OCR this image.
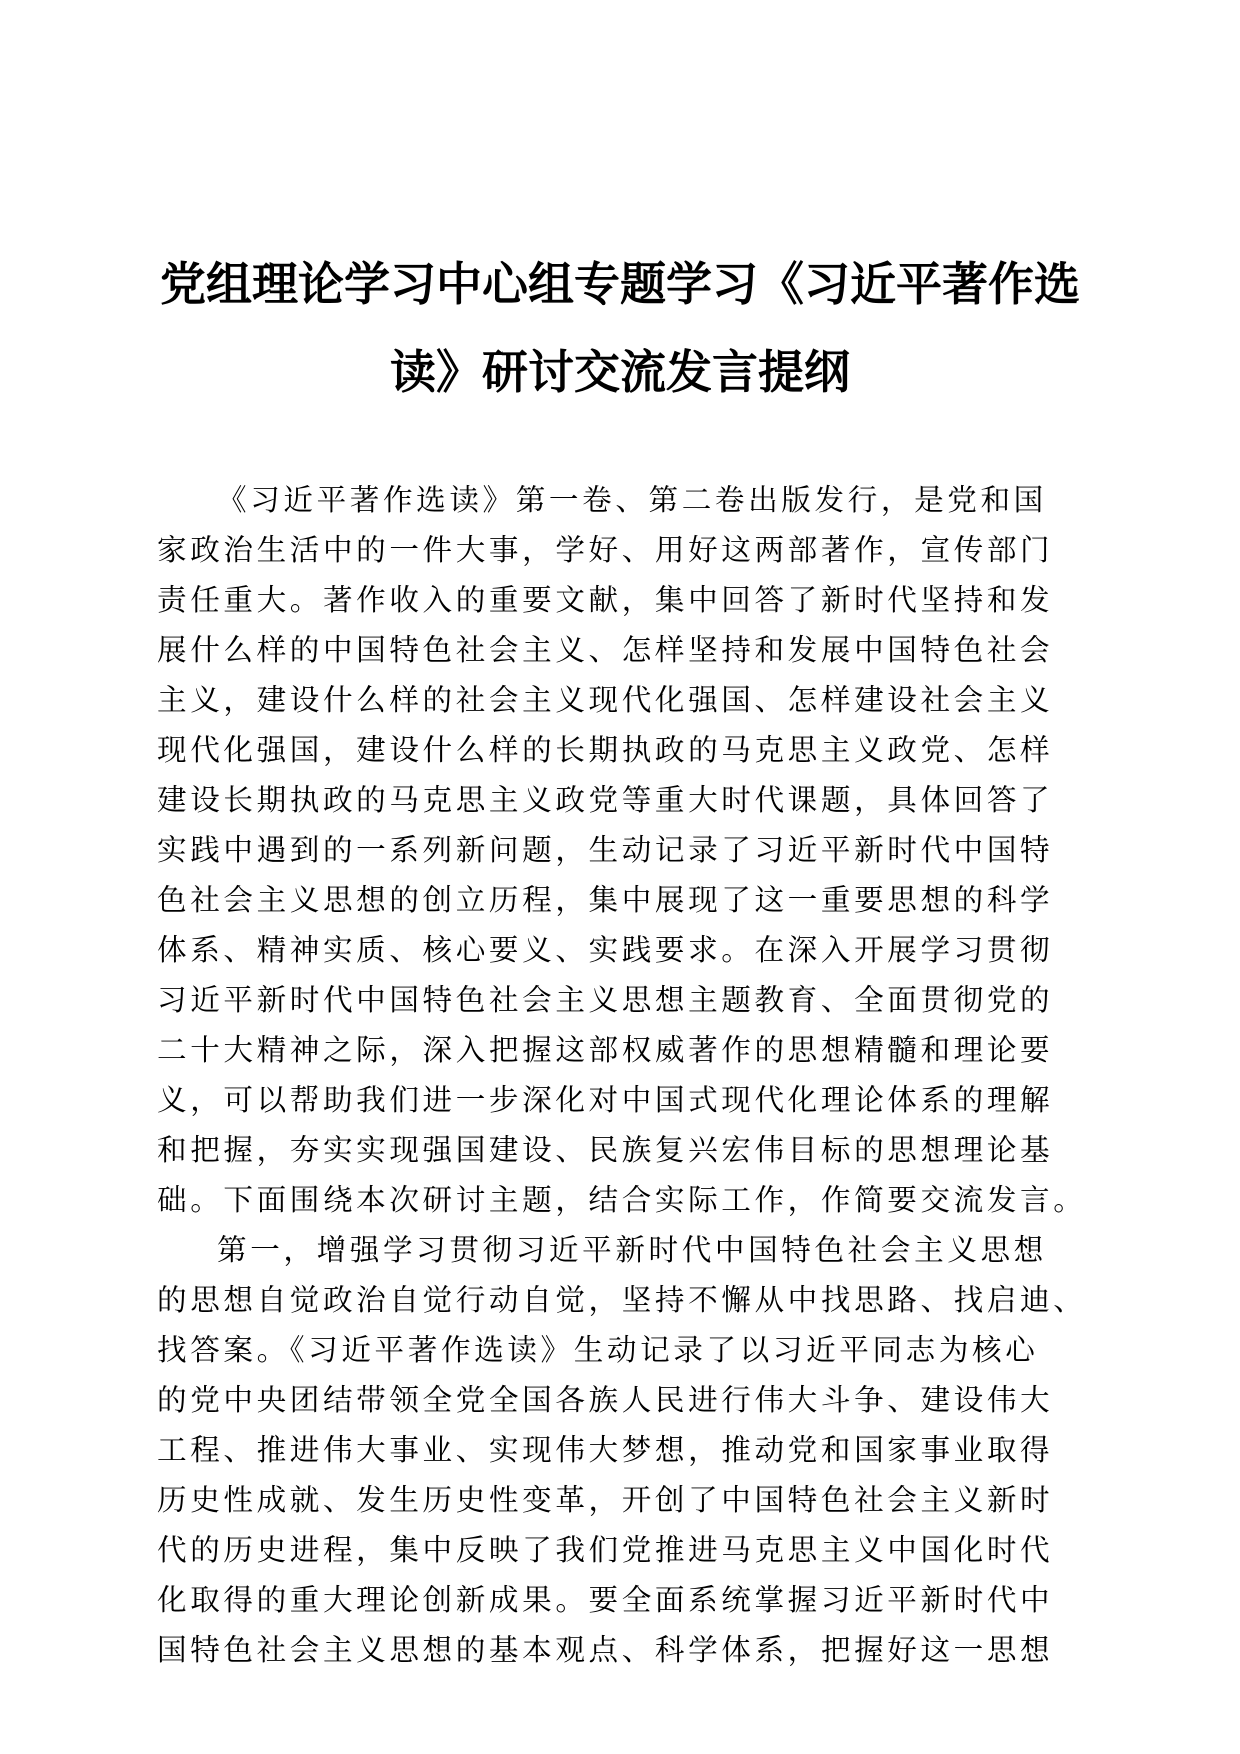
党组理论学习中心组专题学习《习近平著作选
读》研讨交流发言提纲
《习近平著作选读》第一卷、第二卷出版发行，是党和国
家政治生活中的一件大事，学好、用好这两部著作，宣传部门
责任重大。著作收入的重要文献，集中回答了新时代坚持和发
展什么样的中国特色社会主义、怎样坚持和发展中国特色社会
主义，建设什么样的社会主义现代化强国、怎样建设社会主义
现代化强国，建设什么样的长期执政的马克思主义政党、怎样
建设长期执政的马克思主义政党等重大时代课题，具体回答了
实践中遇到的一系列新问题，生动记录了习近平新时代中国特
色社会主义思想的创立历程，集中展现了这一重要思想的科学
体系、精神实质、核心要义、实践要求。在深入开展学习贯彻
习近平新时代中国特色社会主义思想主题教育、全面贯彻党的
二十大精神之际，深入把握这部权威著作的思想精髓和理论要
义，可以帮助我们进一步深化对中国式现代化理论体系的理解
和把握，夯实实现强国建设、民族复兴宏伟目标的思想理论基
础。下面围绕本次研讨主题，结合实际工作，作简要交流发言。
第一，增强学习贯彻习近平新时代中国特色社会主义思想
的思想自觉政治自觉行动自觉，坚持不懈从中找思路、找启迪、
找答案。《习近平著作选读》生动记录了以习近平同志为核心
的党中央团结带领全党全国各族人民进行伟大斗争、建设伟大
工程、推进伟大事业、实现伟大梦想，推动党和国家事业取得
历史性成就、发生历史性变革，开创了中国特色社会主义新时
代的历史进程，集中反映了我们党推进马克思主义中国化时代
化取得的重大理论创新成果。要全面系统掌握习近平新时代中
国特色社会主义思想的基本观点、科学体系，把握好这一思想
